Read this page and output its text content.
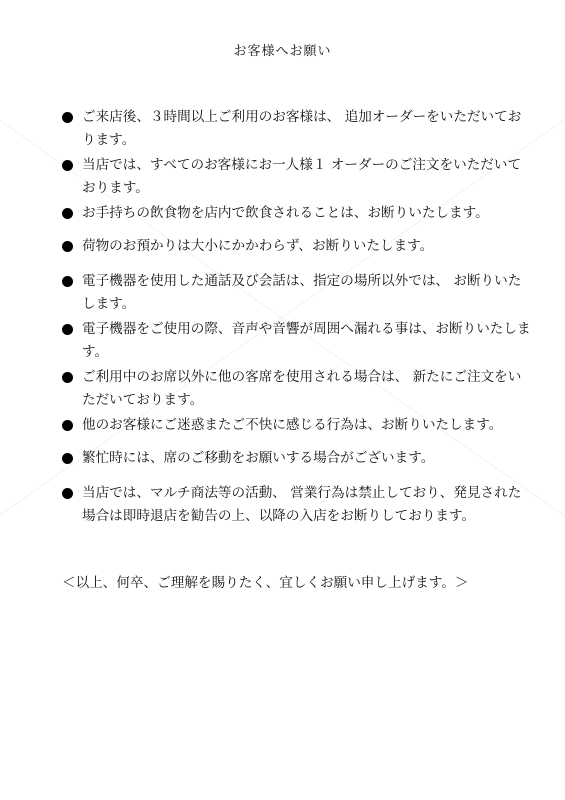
お客様へお願い
ご来店後、３時間以上ご利用のお客様は、 追加オーダーをいただいております。
当店では、すべてのお客様にお一人様１ オーダーのご注文をいただいております。
お手持ちの飲食物を店内で飲食されることは、お断りいたします。
荷物のお預かりは大小にかかわらず、お断りいたします。
電子機器を使用した通話及び会話は、指定の場所以外では、 お断りいたします。
電子機器をご使用の際、音声や音響が周囲へ漏れる事は、お断りいたします。
ご利用中のお席以外に他の客席を使用される場合は、 新たにご注文をいただいております。
他のお客様にご迷惑またご不快に感じる行為は、お断りいたします。
繁忙時には、席のご移動をお願いする場合がございます。
当店では、マルチ商法等の活動、 営業行為は禁止しており、発見された場合は即時退店を勧告の上、以降の入店をお断りしております。
＜以上、何卒、ご理解を賜りたく、宜しくお願い申し上げます。＞
